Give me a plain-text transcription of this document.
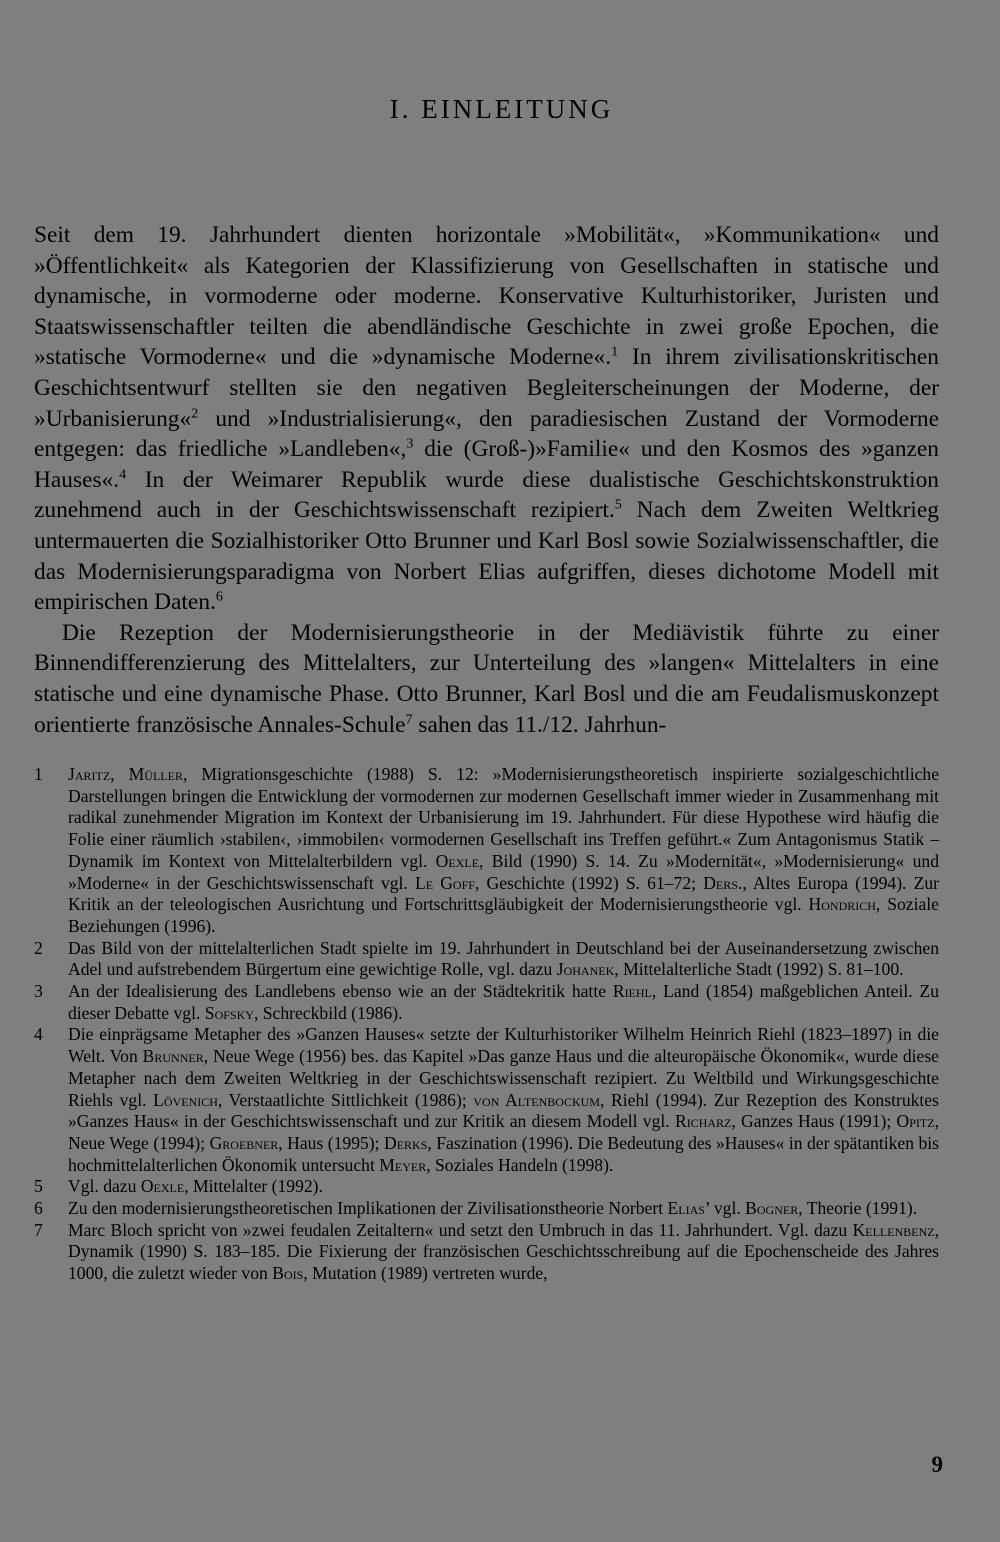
I. EINLEITUNG

Seit dem 19. Jahrhundert dienten horizontale »Mobilität«, »Kommunikation« und »Öffentlichkeit« als Kategorien der Klassifizierung von Gesellschaften in statische und dynamische, in vormoderne oder moderne. Konservative Kulturhistoriker, Juristen und Staatswissenschaftler teilten die abendländische Geschichte in zwei große Epochen, die »statische Vormoderne« und die »dynamische Moderne«.$^1$ In ihrem zivilisationskritischen Geschichtsentwurf stellten sie den negativen Begleiterscheinungen der Moderne, der »Urbanisierung«$^2$ und »Industrialisierung«, den paradiesischen Zustand der Vormoderne entgegen: das friedliche »Landleben«,$^3$ die (Groß-)»Familie« und den Kosmos des »ganzen Hauses«.$^4$ In der Weimarer Republik wurde diese dualistische Geschichtskonstruktion zunehmend auch in der Geschichtswissenschaft rezipiert.$^5$ Nach dem Zweiten Weltkrieg untermauerten die Sozialhistoriker Otto Brunner und Karl Bosl sowie Sozialwissenschaftler, die das Modernisierungsparadigma von Norbert Elias aufgriffen, dieses dichotome Modell mit empirischen Daten.$^6$

Die Rezeption der Modernisierungstheorie in der Mediävistik führte zu einer Binnendifferenzierung des Mittelalters, zur Unterteilung des »langen« Mittelalters in eine statische und eine dynamische Phase. Otto Brunner, Karl Bosl und die am Feudalismuskonzept orientierte französische Annales-Schule$^7$ sahen das 11./12. Jahrhun-

1 Jaritz, Müller, Migrationsgeschichte (1988) S. 12: »Modernisierungstheoretisch inspirierte sozialgeschichtliche Darstellungen bringen die Entwicklung der vormodernen zur modernen Gesellschaft immer wieder in Zusammenhang mit radikal zunehmender Migration im Kontext der Urbanisierung im 19. Jahrhundert. Für diese Hypothese wird häufig die Folie einer räumlich ›stabilen‹, ›immobilen‹ vormodernen Gesellschaft ins Treffen geführt.« Zum Antagonismus Statik – Dynamik im Kontext von Mittelalterbildern vgl. Oexle, Bild (1990) S. 14. Zu »Modernität«, »Modernisierung« und »Moderne« in der Geschichtswissenschaft vgl. Le Goff, Geschichte (1992) S. 61–72; Ders., Altes Europa (1994). Zur Kritik an der teleologischen Ausrichtung und Fortschrittsgläubigkeit der Modernisierungstheorie vgl. Hondrich, Soziale Beziehungen (1996).
2 Das Bild von der mittelalterlichen Stadt spielte im 19. Jahrhundert in Deutschland bei der Auseinandersetzung zwischen Adel und aufstrebendem Bürgertum eine gewichtige Rolle, vgl. dazu Johanek, Mittelalterliche Stadt (1992) S. 81–100.
3 An der Idealisierung des Landlebens ebenso wie an der Städtekritik hatte Riehl, Land (1854) maßgeblichen Anteil. Zu dieser Debatte vgl. Sofsky, Schreckbild (1986).
4 Die einprägsame Metapher des »Ganzen Hauses« setzte der Kulturhistoriker Wilhelm Heinrich Riehl (1823–1897) in die Welt. Von Brunner, Neue Wege (1956) bes. das Kapitel »Das ganze Haus und die alteuropäische Ökonomik«, wurde diese Metapher nach dem Zweiten Weltkrieg in der Geschichtswissenschaft rezipiert. Zu Weltbild und Wirkungsgeschichte Riehls vgl. Lövenich, Verstaatlichte Sittlichkeit (1986); von Altenbockum, Riehl (1994). Zur Rezeption des Konstruktes »Ganzes Haus« in der Geschichtswissenschaft und zur Kritik an diesem Modell vgl. Richarz, Ganzes Haus (1991); Opitz, Neue Wege (1994); Groebner, Haus (1995); Derks, Faszination (1996). Die Bedeutung des »Hauses« in der spätantiken bis hochmittelalterlichen Ökonomik untersucht Meyer, Soziales Handeln (1998).
5 Vgl. dazu Oexle, Mittelalter (1992).
6 Zu den modernisierungstheoretischen Implikationen der Zivilisationstheorie Norbert Elias’ vgl. Bogner, Theorie (1991).
7 Marc Bloch spricht von »zwei feudalen Zeitaltern« und setzt den Umbruch in das 11. Jahrhundert. Vgl. dazu Kellenbenz, Dynamik (1990) S. 183–185. Die Fixierung der französischen Geschichtsschreibung auf die Epochenscheide des Jahres 1000, die zuletzt wieder von Bois, Mutation (1989) vertreten wurde,
9
